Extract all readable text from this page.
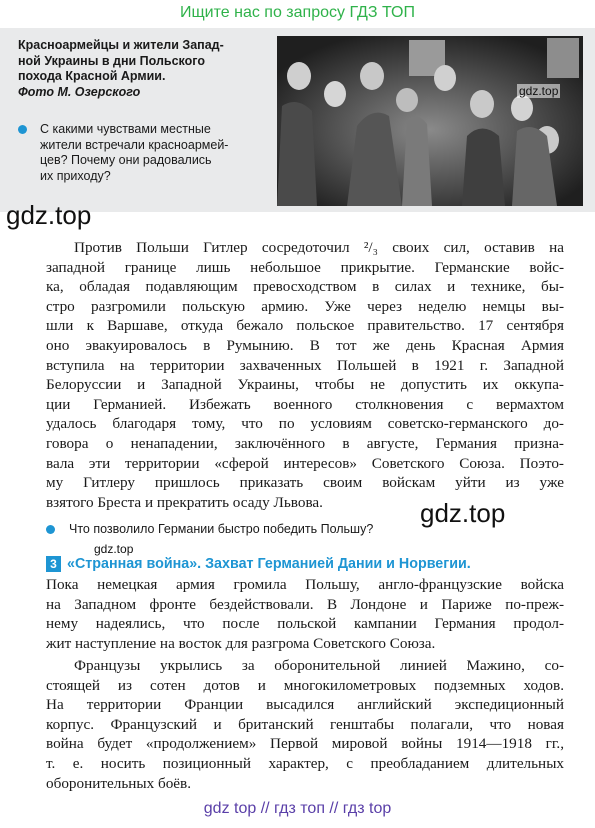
Ищите нас по запросу ГДЗ ТОП
Красноармейцы и жители Запад-
ной Украины в дни Польского
похода Красной Армии.
Фото М. Озерского
С какими чувствами местные
жители встречали красноармей-
цев? Почему они радовались
их приходу?
gdz.top
gdz.top
Против Польши Гитлер сосредоточил ²/₃ своих сил, оставив на
западной границе лишь небольшое прикрытие. Германские войс-
ка, обладая подавляющим превосходством в силах и технике, бы-
стро разгромили польскую армию. Уже через неделю немцы вы-
шли к Варшаве, откуда бежало польское правительство. 17 сентября
оно эвакуировалось в Румынию. В тот же день Красная Армия
вступила на территории захваченных Польшей в 1921 г. Западной
Белоруссии и Западной Украины, чтобы не допустить их оккупа-
ции Германией. Избежать военного столкновения с вермахтом
удалось благодаря тому, что по условиям советско-германского до-
говора о ненападении, заключённого в августе, Германия призна-
вала эти территории «сферой интересов» Советского Союза. Поэто-
му Гитлеру пришлось приказать своим войскам уйти из уже
взятого Бреста и прекратить осаду Львова.	gdz.top
Что позволило Германии быстро победить Польшу?
gdz.top
3 «Странная война». Захват Германией Дании и Норвегии.
Пока немецкая армия громила Польшу, англо-французские войска
на Западном фронте бездействовали. В Лондоне и Париже по-преж-
нему надеялись, что после польской кампании Германия продол-
жит наступление на восток для разгрома Советского Союза.
Французы укрылись за оборонительной линией Мажино, со-
стоящей из сотен дотов и многокилометровых подземных ходов.
На территории Франции высадился английский экспедиционный
корпус. Французский и британский генштабы полагали, что новая
война будет «продолжением» Первой мировой войны 1914—1918 гг.,
т. е. носить позиционный характер, с преобладанием длительных
оборонительных боёв.
gdz top // гдз топ // гдз top
